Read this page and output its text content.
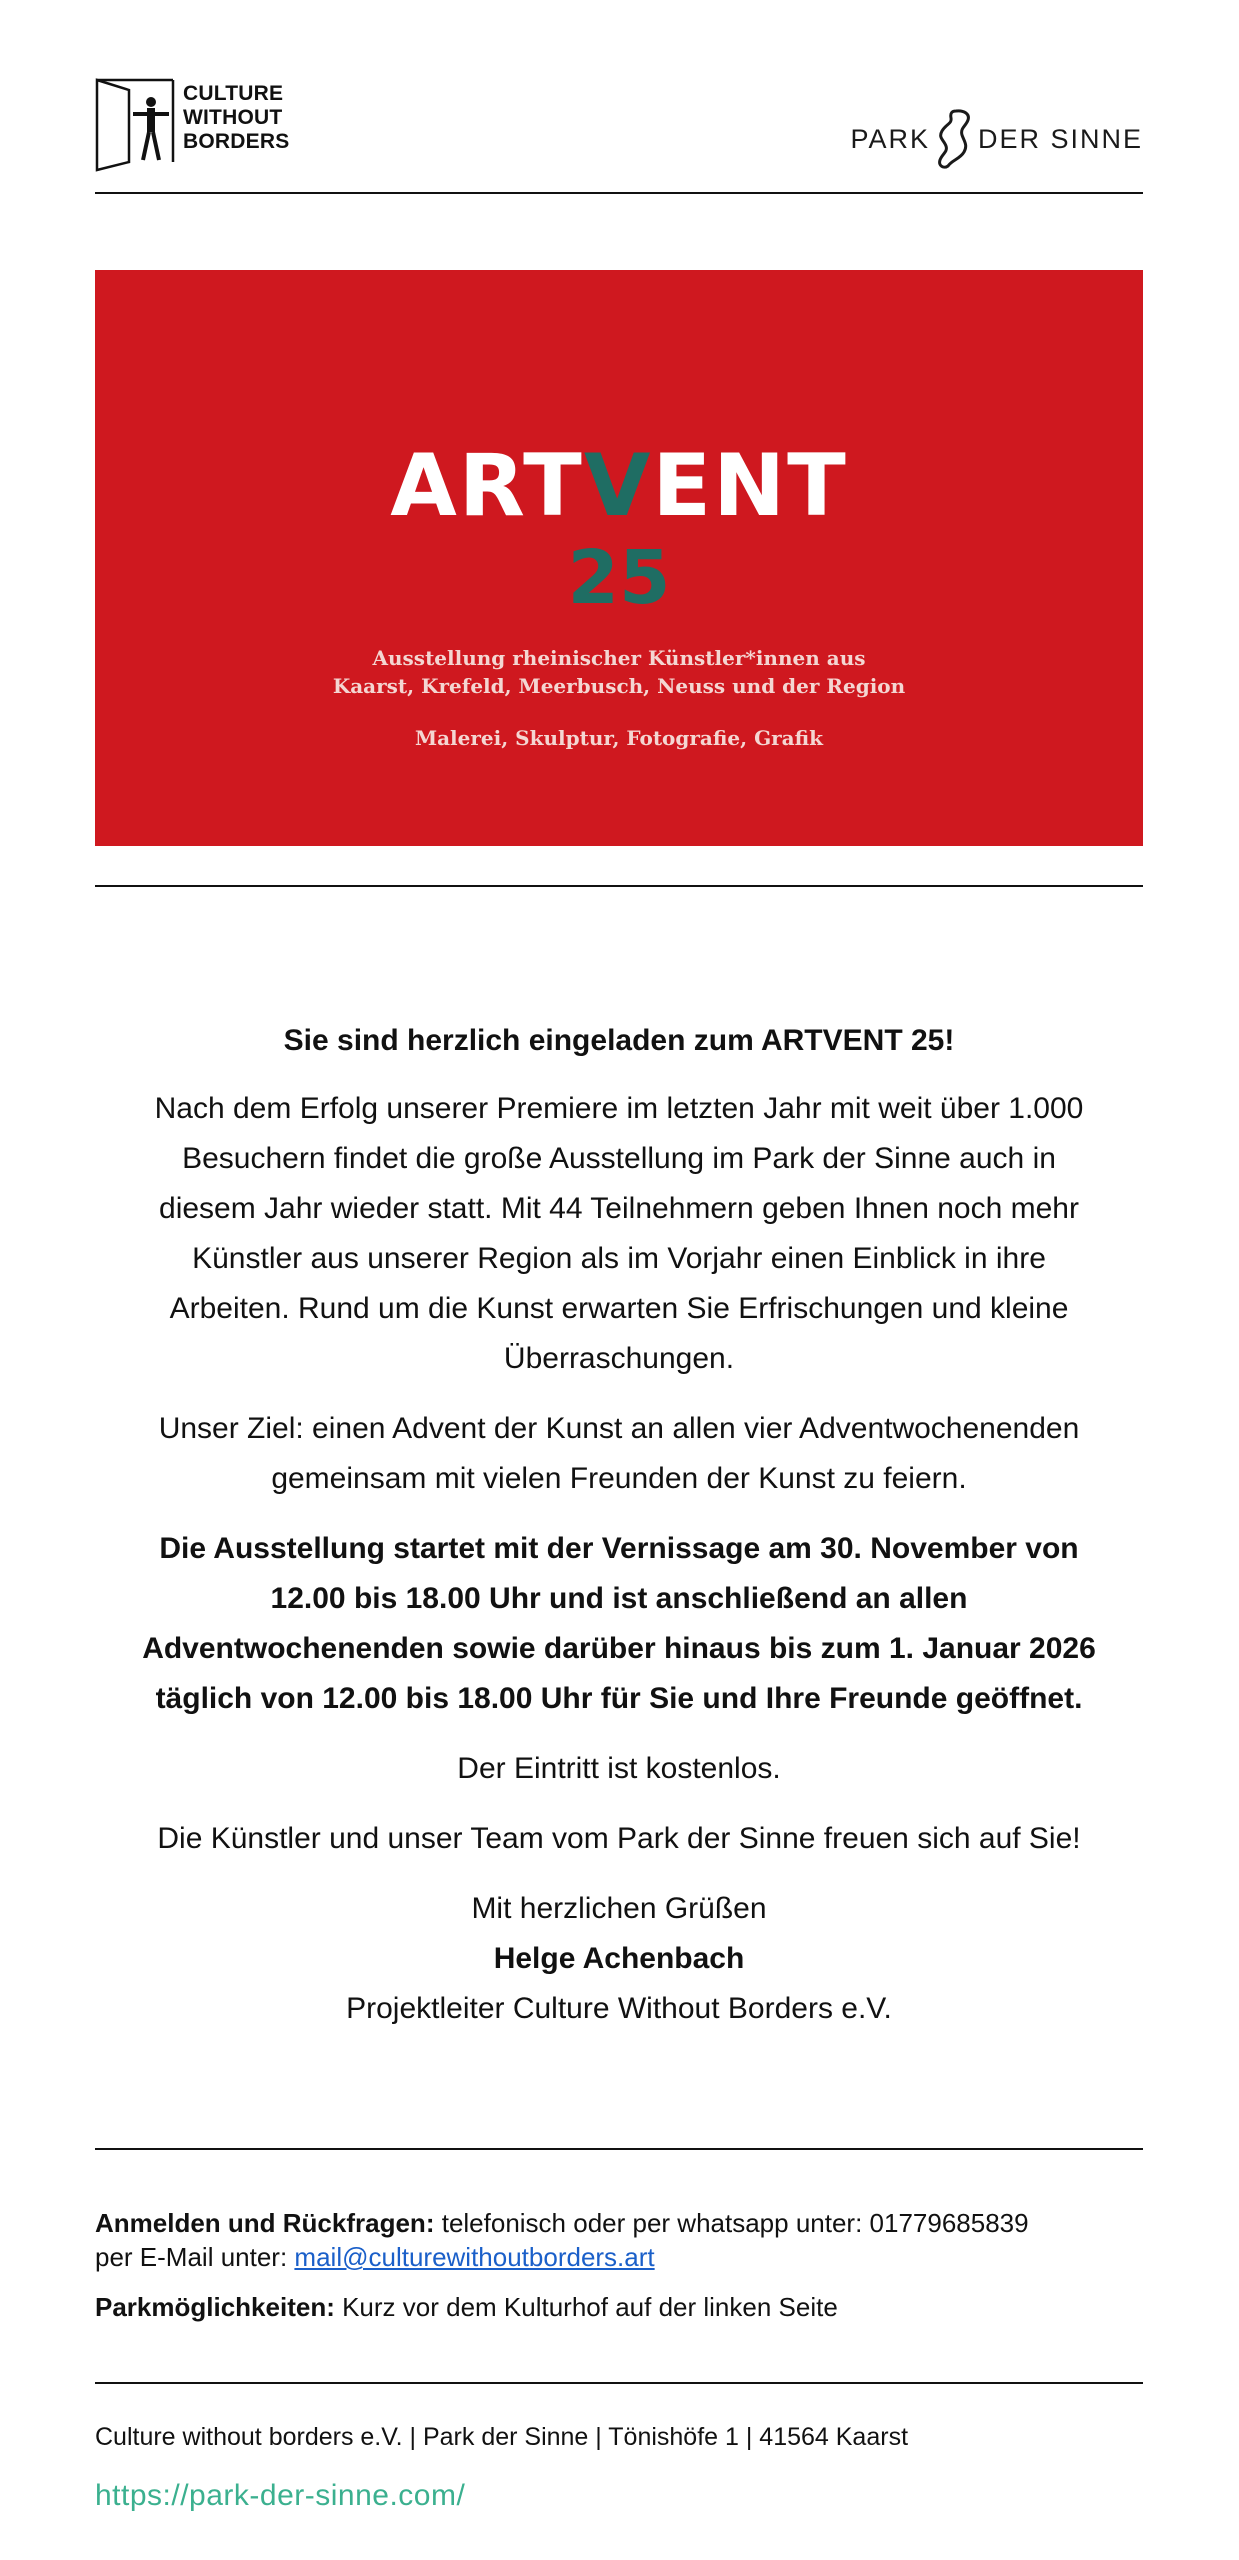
CULTURE
WITHOUT
BORDERS	PARK DER SINNE
ARTVENT
25
Ausstellung rheinischer Künstler*innen aus
Kaarst, Krefeld, Meerbusch, Neuss und der Region
Malerei, Skulptur, Fotografie, Grafik

Sie sind herzlich eingeladen zum ARTVENT 25!

Nach dem Erfolg unserer Premiere im letzten Jahr mit weit über 1.000
Besuchern findet die große Ausstellung im Park der Sinne auch in
diesem Jahr wieder statt. Mit 44 Teilnehmern geben Ihnen noch mehr
Künstler aus unserer Region als im Vorjahr einen Einblick in ihre
Arbeiten. Rund um die Kunst erwarten Sie Erfrischungen und kleine
Überraschungen.

Unser Ziel: einen Advent der Kunst an allen vier Adventwochenenden
gemeinsam mit vielen Freunden der Kunst zu feiern.

Die Ausstellung startet mit der Vernissage am 30. November von
12.00 bis 18.00 Uhr und ist anschließend an allen
Adventwochenenden sowie darüber hinaus bis zum 1. Januar 2026
täglich von 12.00 bis 18.00 Uhr für Sie und Ihre Freunde geöffnet.

Der Eintritt ist kostenlos.

Die Künstler und unser Team vom Park der Sinne freuen sich auf Sie!

Mit herzlichen Grüßen
Helge Achenbach
Projektleiter Culture Without Borders e.V.

Anmelden und Rückfragen: telefonisch oder per whatsapp unter: 01779685839
per E-Mail unter: mail@culturewithoutborders.art

Parkmöglichkeiten: Kurz vor dem Kulturhof auf der linken Seite

Culture without borders e.V. | Park der Sinne | Tönishöfe 1 | 41564 Kaarst
https://park-der-sinne.com/
